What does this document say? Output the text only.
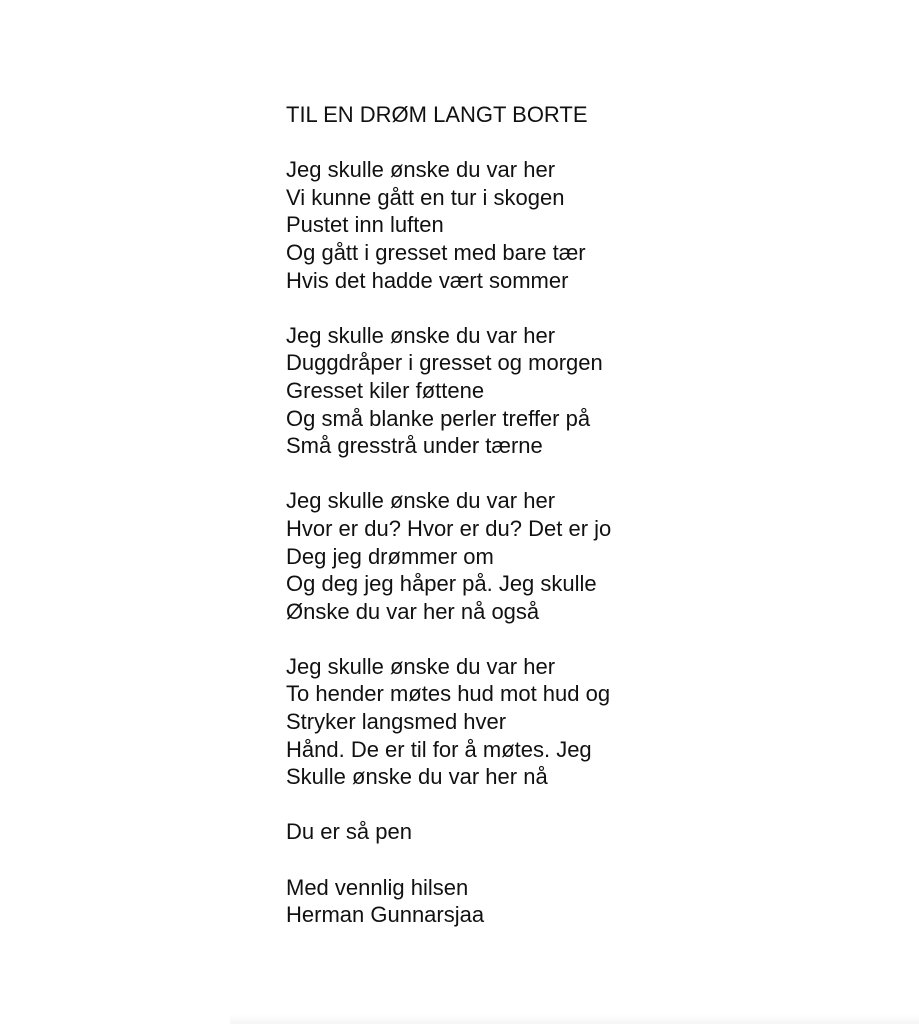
TIL EN DRØM LANGT BORTE
Jeg skulle ønske du var her
Vi kunne gått en tur i skogen
Pustet inn luften
Og gått i gresset med bare tær
Hvis det hadde vært sommer
Jeg skulle ønske du var her
Duggdråper i gresset og morgen
Gresset kiler føttene
Og små blanke perler treffer på
Små gresstrå under tærne
Jeg skulle ønske du var her
Hvor er du? Hvor er du? Det er jo
Deg jeg drømmer om
Og deg jeg håper på. Jeg skulle
Ønske du var her nå også
Jeg skulle ønske du var her
To hender møtes hud mot hud og
Stryker langsmed hver
Hånd. De er til for å møtes. Jeg
Skulle ønske du var her nå
Du er så pen
Med vennlig hilsen
Herman Gunnarsjaa
